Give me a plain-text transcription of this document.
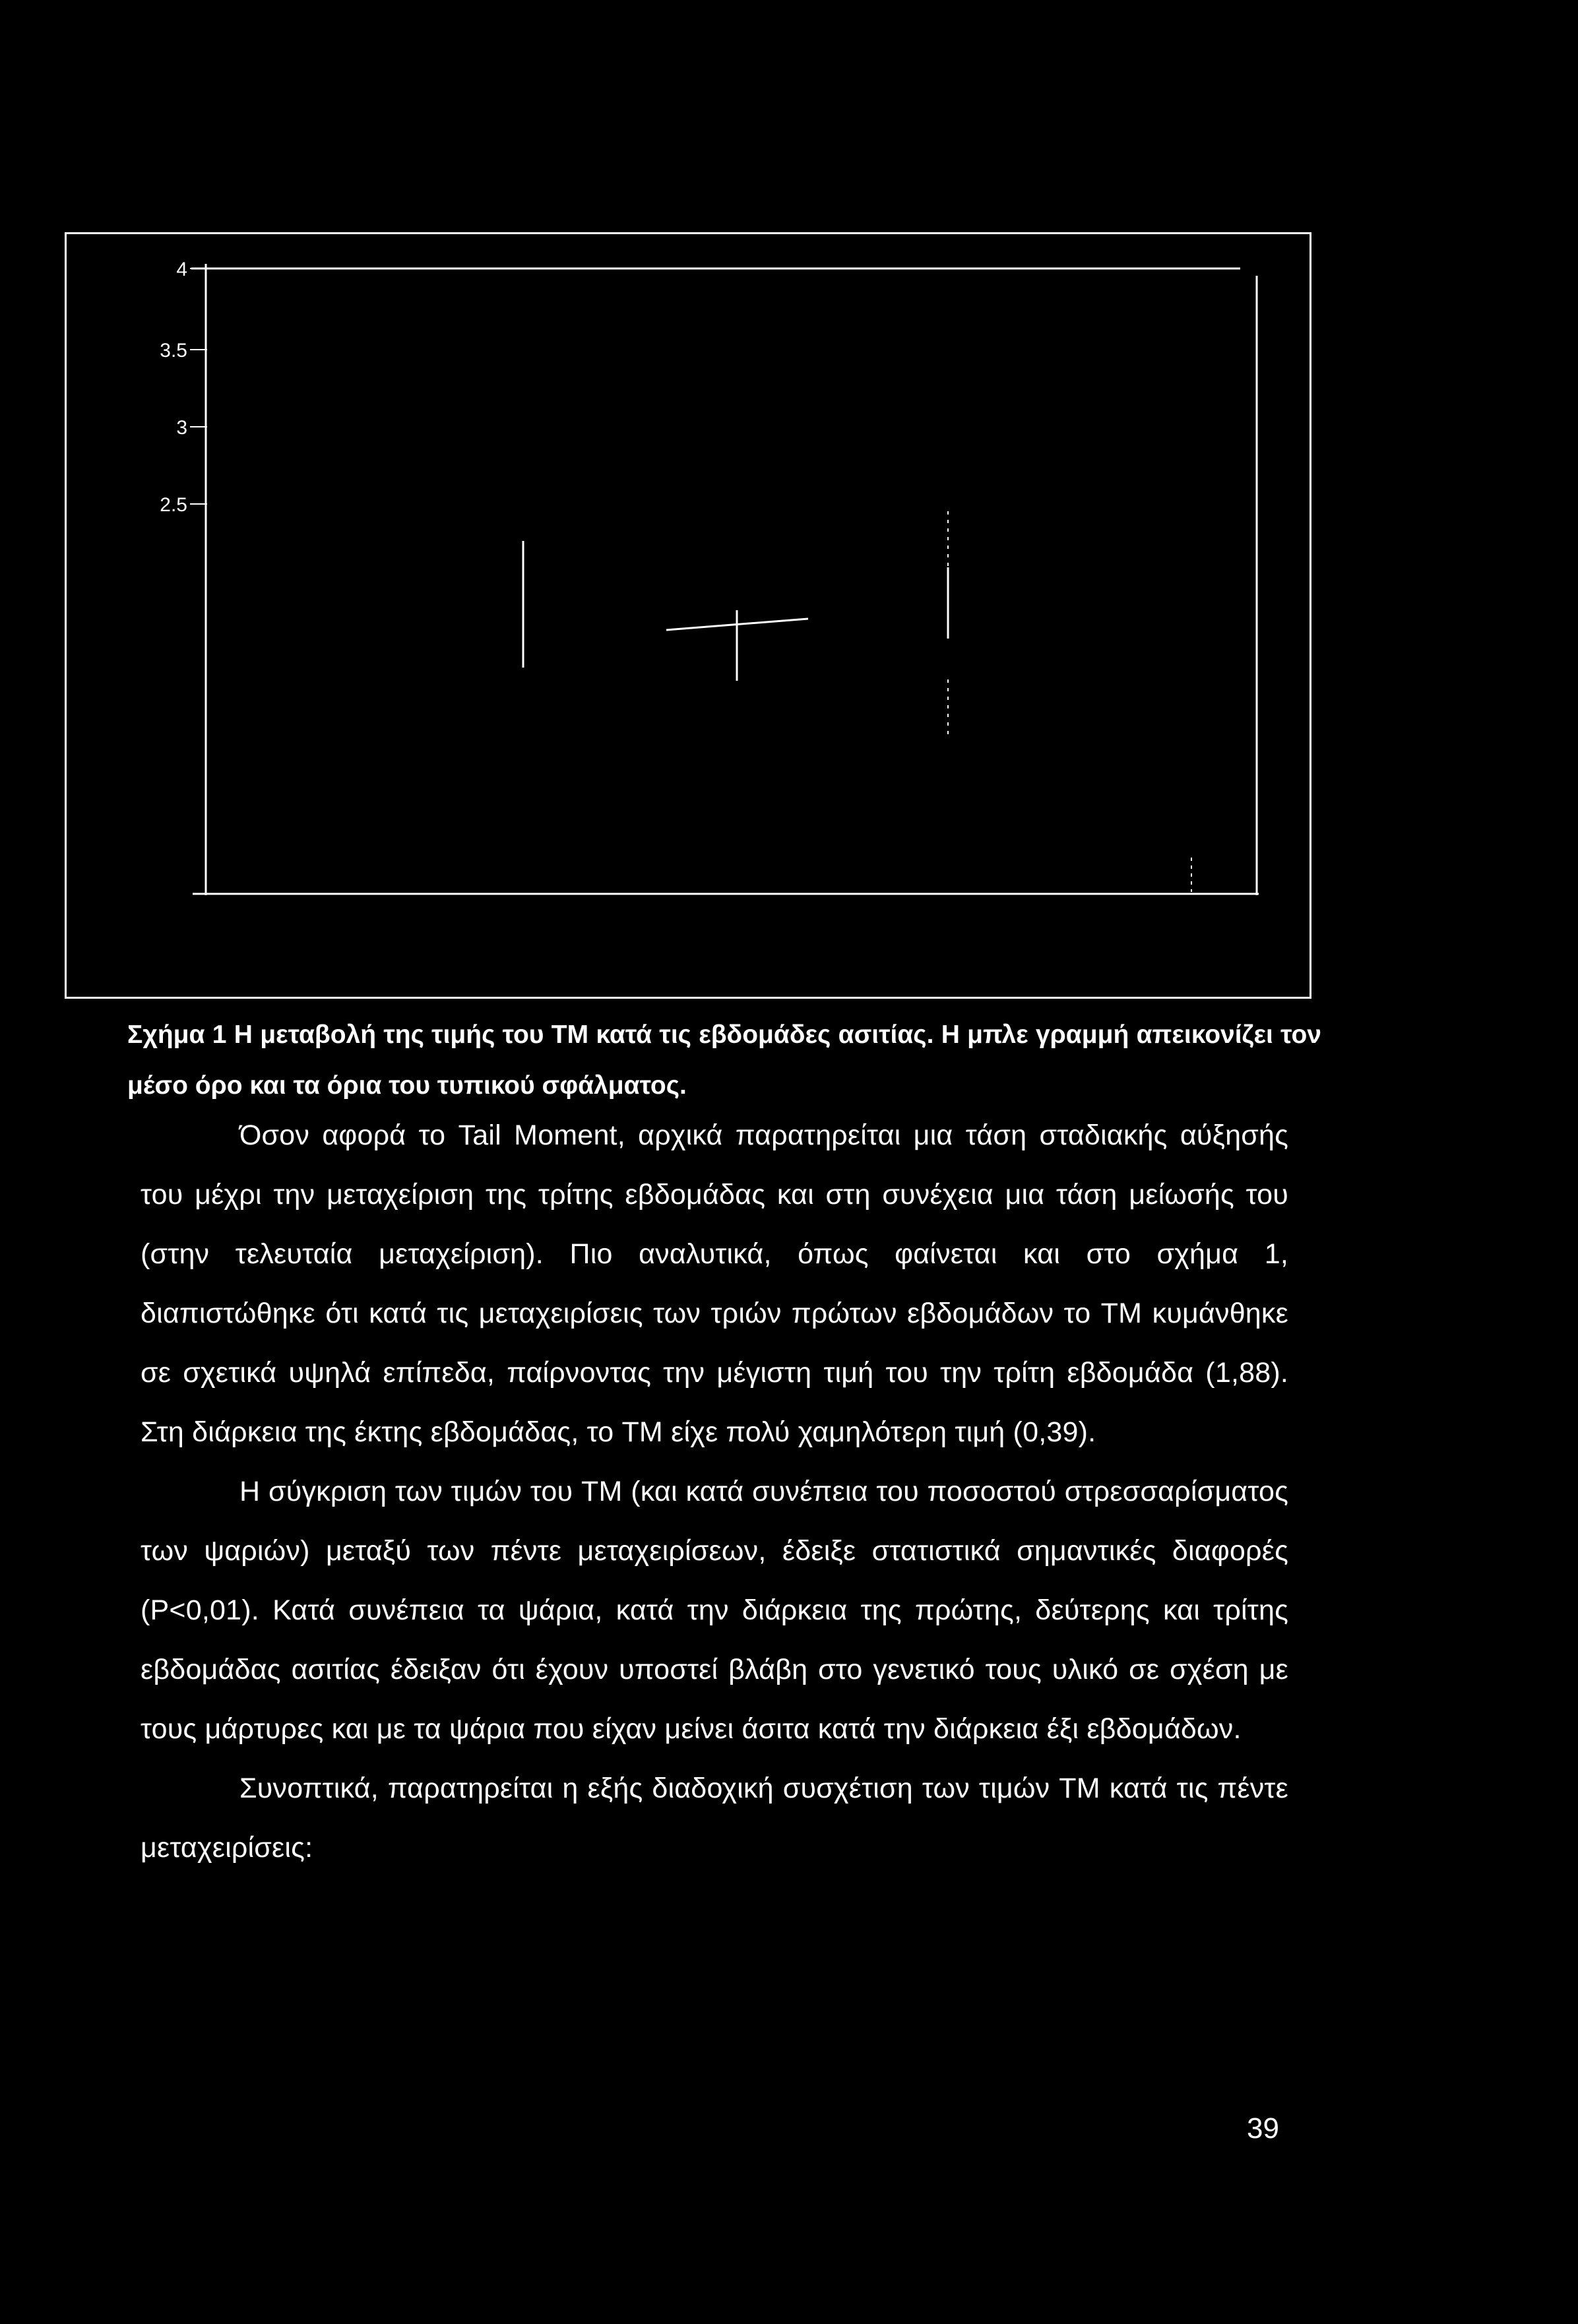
4
3.5
3
2.5

Σχήμα 1 Η μεταβολή της τιμής του TM κατά τις εβδομάδες ασιτίας. Η μπλε γραμμή απεικονίζει τον μέσο όρο και τα όρια του τυπικού σφάλματος.

Όσον αφορά το Tail Moment, αρχικά παρατηρείται μια τάση σταδιακής αύξησής του μέχρι την μεταχείριση της τρίτης εβδομάδας και στη συνέχεια μια τάση μείωσής του (στην τελευταία μεταχείριση). Πιο αναλυτικά, όπως φαίνεται και στο σχήμα 1, διαπιστώθηκε ότι κατά τις μεταχειρίσεις των τριών πρώτων εβδομάδων το TM κυμάνθηκε σε σχετικά υψηλά επίπεδα, παίρνοντας την μέγιστη τιμή του την τρίτη εβδομάδα (1,88). Στη διάρκεια της έκτης εβδομάδας, το TM είχε πολύ χαμηλότερη τιμή (0,39).

Η σύγκριση των τιμών του TM (και κατά συνέπεια του ποσοστού στρεσσαρίσματος των ψαριών) μεταξύ των πέντε μεταχειρίσεων, έδειξε στατιστικά σημαντικές διαφορές (P<0,01). Κατά συνέπεια τα ψάρια, κατά την διάρκεια της πρώτης, δεύτερης και τρίτης εβδομάδας ασιτίας έδειξαν ότι έχουν υποστεί βλάβη στο γενετικό τους υλικό σε σχέση με τους μάρτυρες και με τα ψάρια που είχαν μείνει άσιτα κατά την διάρκεια έξι εβδομάδων.

Συνοπτικά, παρατηρείται η εξής διαδοχική συσχέτιση των τιμών TM κατά τις πέντε μεταχειρίσεις:

39
